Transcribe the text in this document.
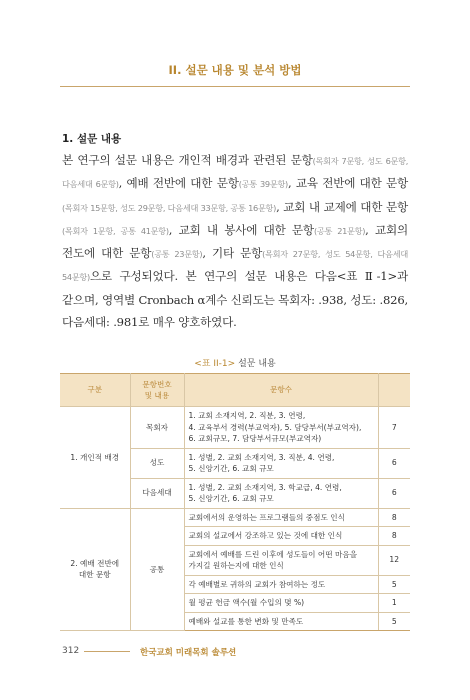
II. 설문 내용 및 분석 방법
1. 설문 내용
본 연구의 설문 내용은 개인적 배경과 관련된 문항(목회자 7문항, 성도 6문항, 다음세대 6문항), 예배 전반에 대한 문항(공통 39문항), 교육 전반에 대한 문항(목회자 15문항, 성도 29문항, 다음세대 33문항, 공통 16문항), 교회 내 교제에 대한 문항(목회자 1문항, 공통 41문항), 교회 내 봉사에 대한 문항(공통 21문항), 교회의 전도에 대한 문항(공통 23문항), 기타 문항(목회자 27문항, 성도 54문항, 다음세대 54문항)으로 구성되었다. 본 연구의 설문 내용은 다음<표 Ⅱ-1>과 같으며, 영역별 Cronbach α계수 신뢰도는 목회자: .938, 성도: .826, 다음세대: .981로 매우 양호하였다.
<표 II-1> 설문 내용
구분	문항번호
및 내용	문항수	
1. 개인적 배경	목회자	1. 교회 소재지역, 2. 직분, 3. 연령,
4. 교육부서 경력(부교역자), 5. 담당부서(부교역자),
6. 교회규모, 7. 담당부서규모(부교역자)	7
	성도	1. 성별, 2. 교회 소재지역, 3. 직분, 4. 연령,
5. 신앙기간, 6. 교회 규모	6
	다음세대	1. 성별, 2. 교회 소재지역, 3. 학교급, 4. 연령,
5. 신앙기간, 6. 교회 규모	6
2. 예배 전반에
대한 문항	공통	교회에서의 운영하는 프로그램들의 중점도 인식	8
		교회의 설교에서 강조하고 있는 것에 대한 인식	8
		교회에서 예배를 드린 이후에 성도들이 어떤 마음을
가지길 원하는지에 대한 인식	12
		각 예배별로 귀하의 교회가 참여하는 정도	5
		월 평균 헌금 액수(월 수입의 몇 %)	1
		예배와 설교를 통한 변화 및 만족도	5
312	한국교회 미래목회 솔루션
